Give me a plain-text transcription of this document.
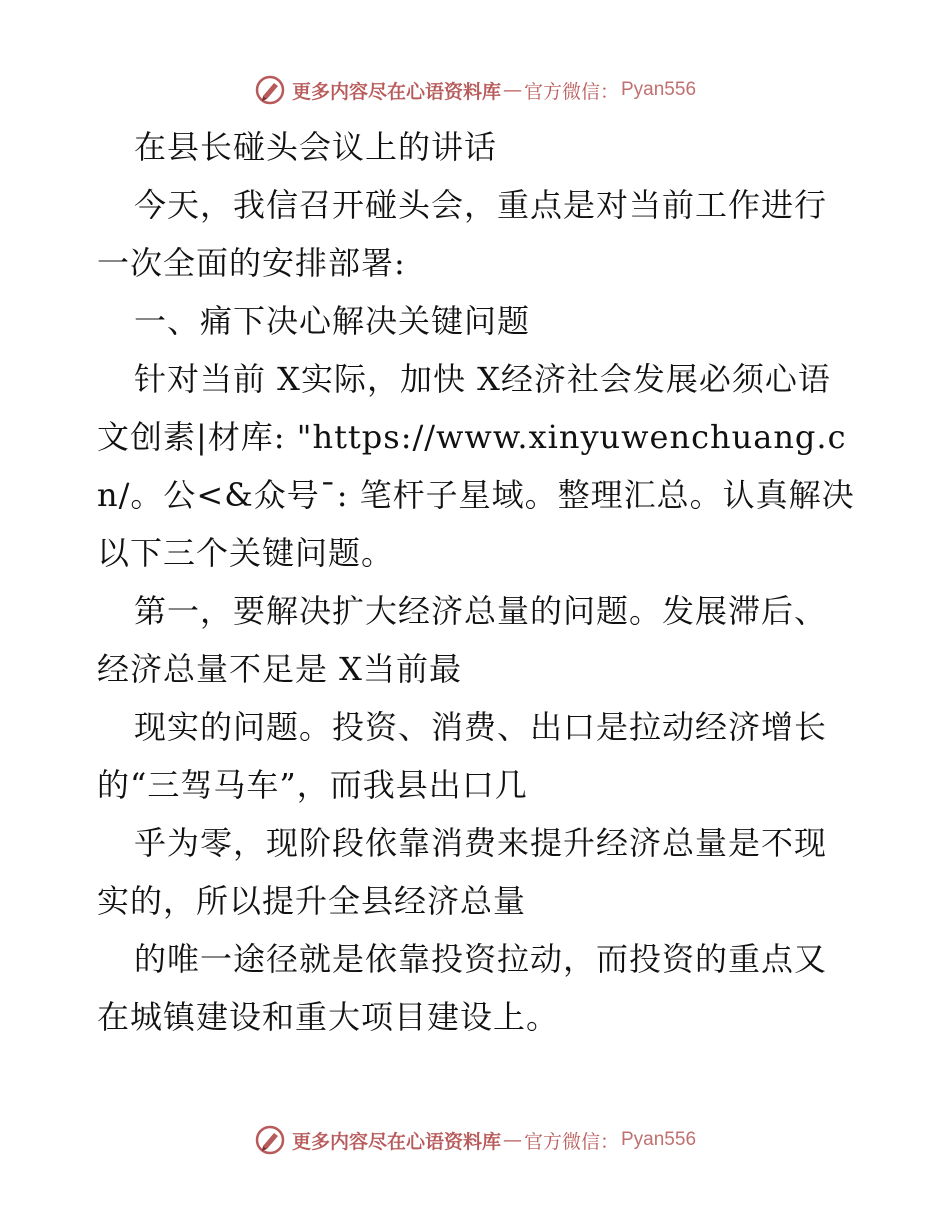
更多内容尽在心语资料库 — 官方微信： Pyan556

在县长碰头会议上的讲话

今天，我信召开碰头会，重点是对当前工作进行一次全面的安排部署:

一、痛下决心解决关键问题

针对当前 X实际，加快 X经济社会发展必须心语文创素|材库: "https://www.xinyuwenchuang.cn/。公<&众号¯: 笔杆子星域。整理汇总。认真解决以下三个关键问题。

第一，要解决扩大经济总量的问题。发展滞后、经济总量不足是 X当前最

现实的问题。投资、消费、出口是拉动经济增长的“三驾马车”，而我县出口几

乎为零，现阶段依靠消费来提升经济总量是不现实的，所以提升全县经济总量

的唯一途径就是依靠投资拉动，而投资的重点又在城镇建设和重大项目建设上。

更多内容尽在心语资料库 — 官方微信： Pyan556
